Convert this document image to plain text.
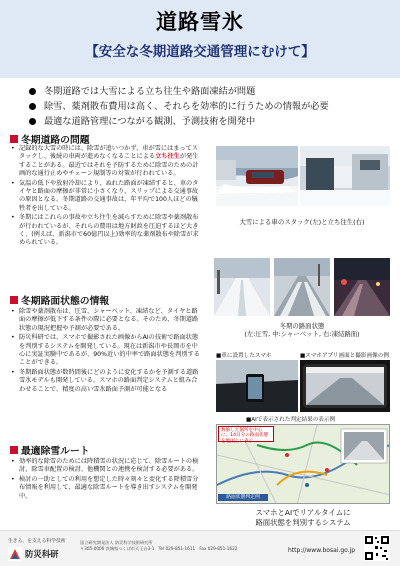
道路雪氷
【安全な冬期道路交通管理にむけて】
冬期道路では大雪による立ち往生や路面凍結が問題
除雪、薬剤散布費用は高く、それらを効率的に行うための情報が必要
最適な道路管理につながる観測、予測技術を開発中
冬期道路の問題
• 記録的な大雪の時には、除雪が追いつかず、車が雪にはまってスタックし、後続の車両が進めなくなることによる立ち往生が発生することがある。最近ではそれを予防するために除雪のための計画的な通行止めやチェーン規制等の対策が行われている。
• 気温の低下や放射冷却により、ぬれた路面が凍結すると、車のタイヤと路面の摩擦が非常に小さくなり、スリップによる交通事故の原因となる。冬期道路の交通事故は、年平均で100人ほどの犠牲者を出している。
• 冬期にはこれらの事故や立ち往生を減らすために除雪や薬剤散布が行われているが、それらの費用は地方財政を圧迫するほど大きく、(例えば、新潟市で60億円以上)効率的な薬剤散布や除雪が求められている。
大雪による車のスタック(左)と立ち往生(右)
冬期路面状態の情報
• 除雪や薬剤散布は、圧雪、シャーベット、凍結など、タイヤと路面の摩擦が低下する条件の際に必要となる。そのため、冬期道路状態の現況把握や予測が必要である。
• 防災科研では、スマホで撮影された画像からAIの技術で路面状態を判別するシステムを開発している。現在は新潟市や長岡市を中心に実証実験中であるが、90%近い的中率で路面状態を判別することができる。
• 冬期路面状態が数時間後にどのように変化するかを予測する道路雪氷モデルも開発している。スマホの路面判定システムと組み合わせることで、精度の高い雪氷路面予測が可能となる
冬期の路面状態
(左:圧雪, 中:シャーベット, 右:凍結路面)
■車に設置したスマホ	■スマホアプリ画面と撮影画像の例
■AIで表示された判定結果の表示例
数値した個所を中心に、14日分の路面状態を地図上に表示
路面状態判定例
スマホとAIでリアルタイムに
路面状態を判別するシステム
最適除雪ルート
• 効率的な除雪のためには降積雪の状況に応じて、除雪ルートの検討、除雪車配置の検討、他機関との連携を検討する必要がある。
• 検討の一助としての利用を想定した時々刻々と変化する降積雪分布情報を利用して、最適な除雪ルートを導き出すシステムを開発中。
生きる、を支える科学技術
防災科研
国立研究開発法人 防災科学技術研究所
〒305-0006 茨城県つくば市天王台3-1　Tel 029-851-1611　Fax 029-851-1622	http://www.bosai.go.jp
